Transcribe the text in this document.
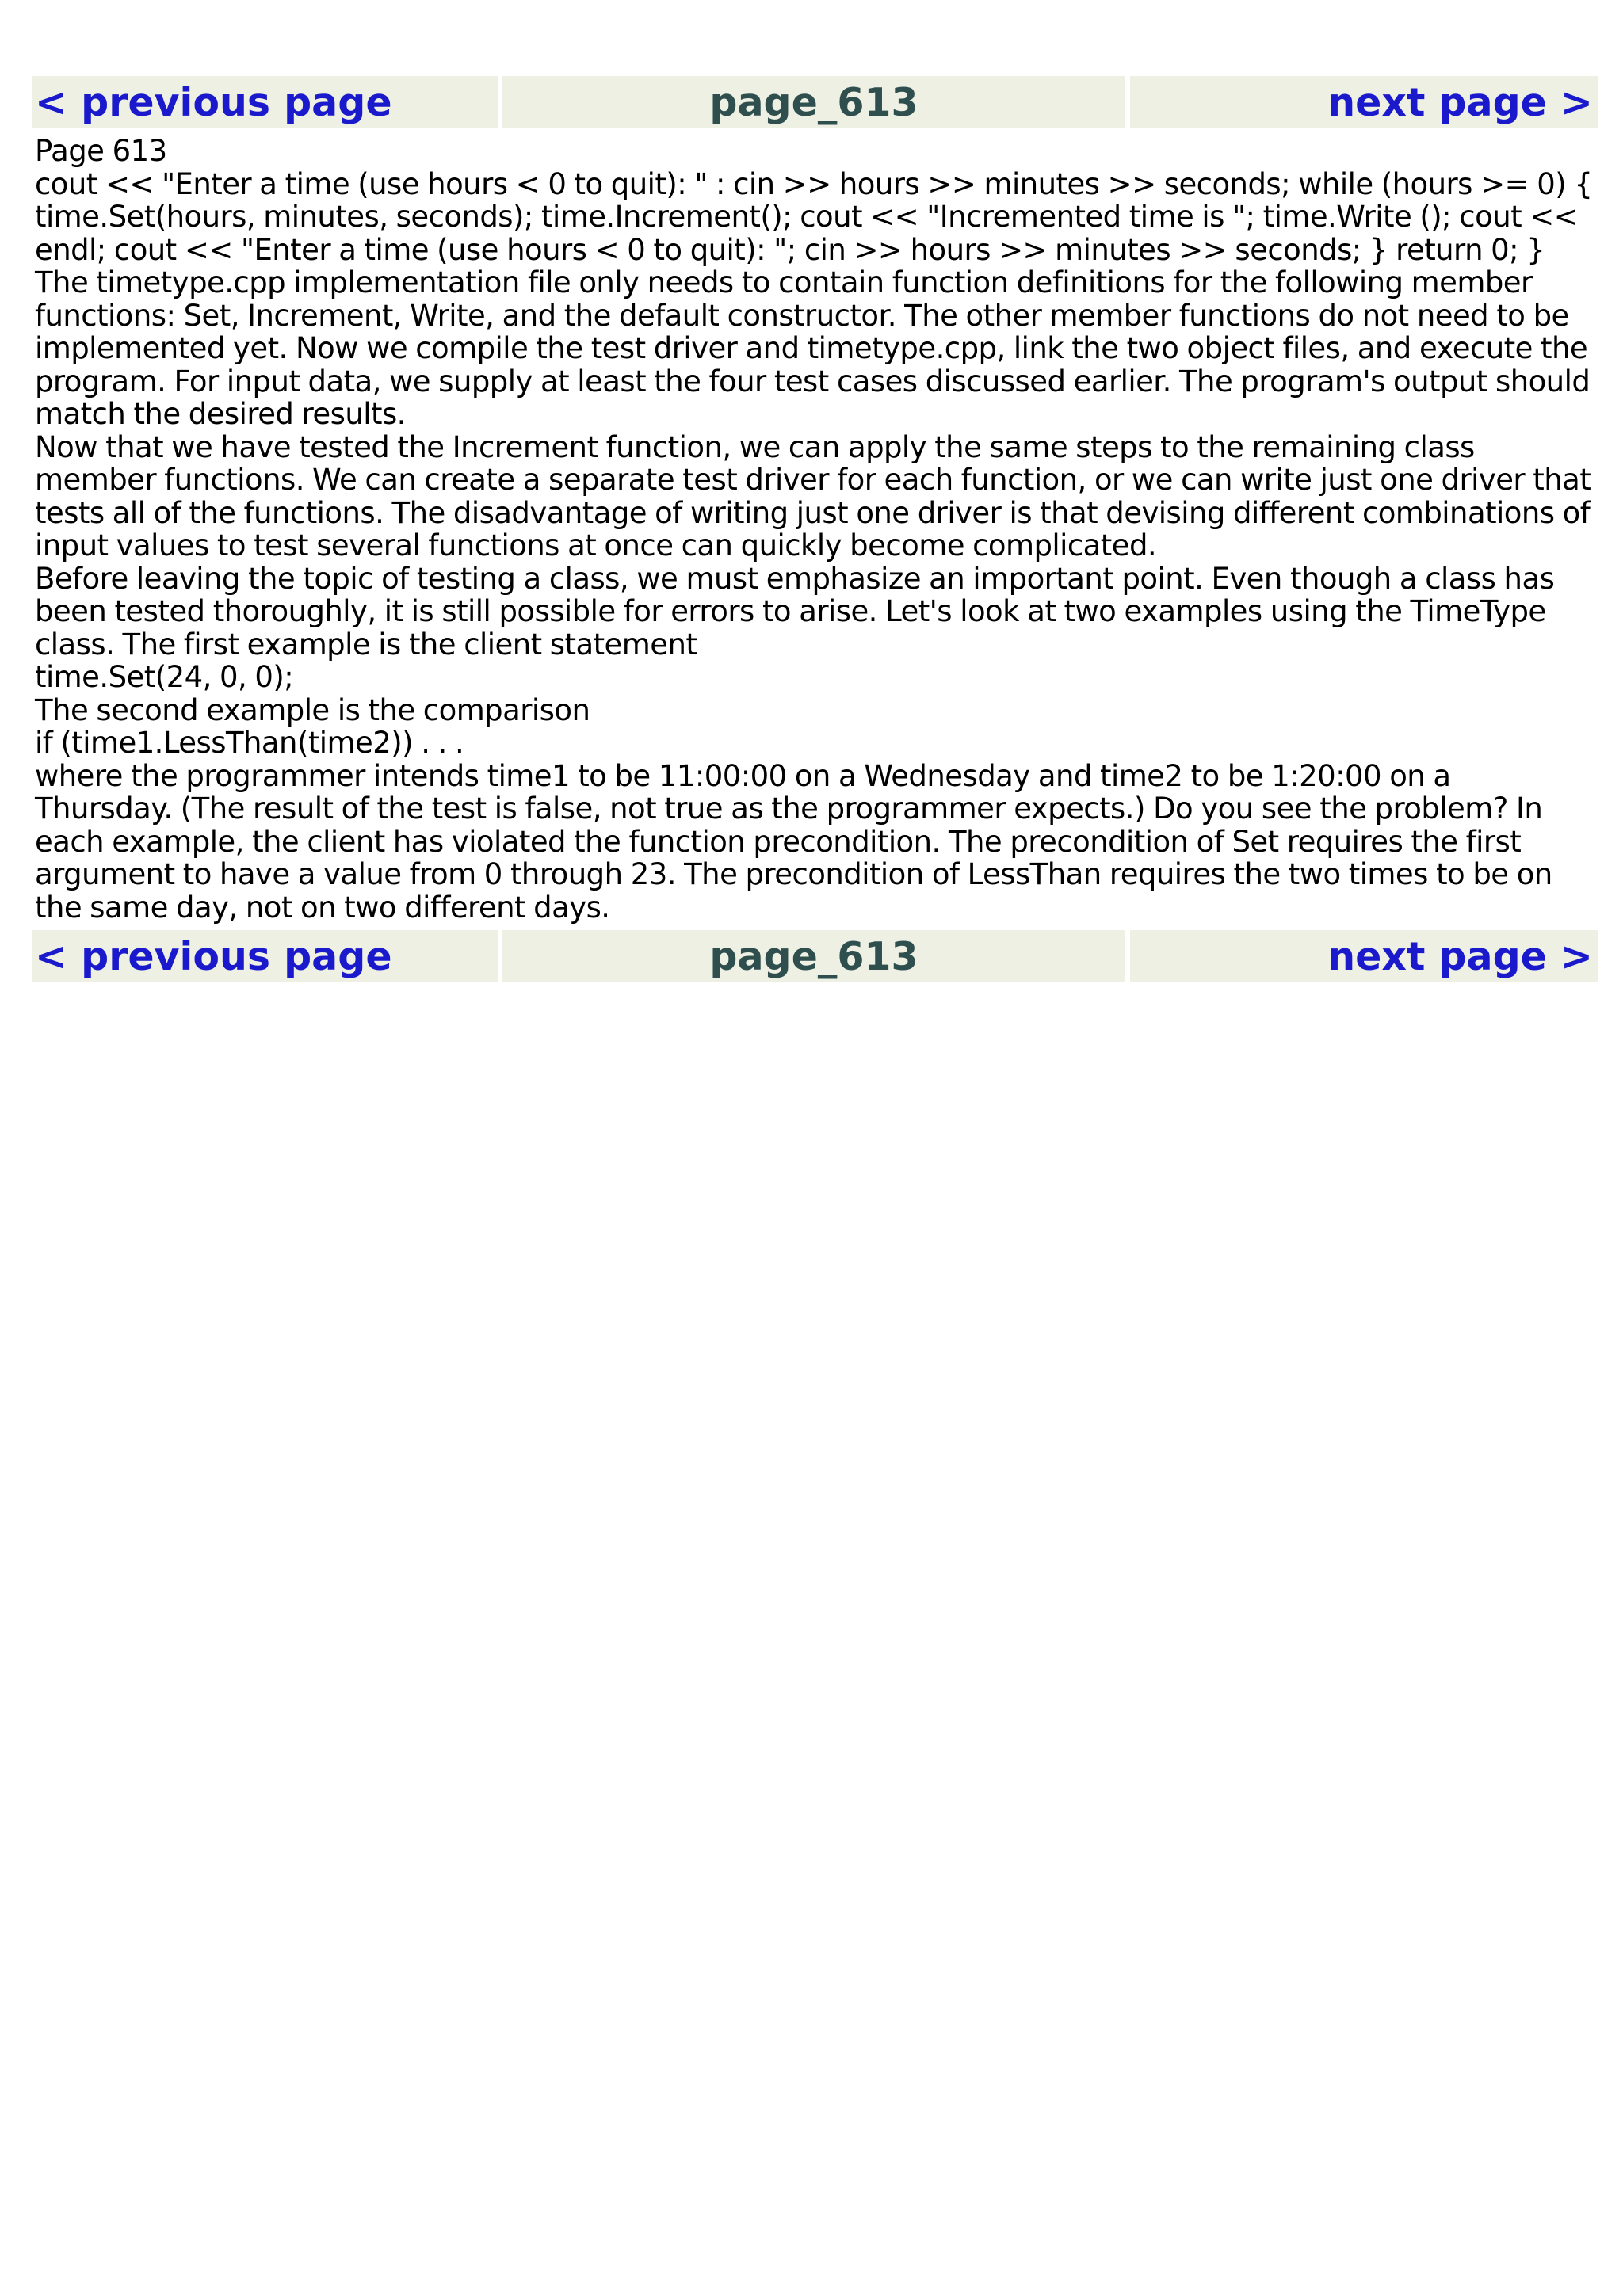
< previous page	page_613	next page >

Page 613

cout << "Enter a time (use hours < 0 to quit): " : cin >> hours >> minutes >> seconds; while (hours >= 0) { time.Set(hours, minutes, seconds); time.Increment(); cout << "Incremented time is "; time.Write (); cout << endl; cout << "Enter a time (use hours < 0 to quit): "; cin >> hours >> minutes >> seconds; } return 0; }

The timetype.cpp implementation file only needs to contain function definitions for the following member functions: Set, Increment, Write, and the default constructor. The other member functions do not need to be implemented yet. Now we compile the test driver and timetype.cpp, link the two object files, and execute the program. For input data, we supply at least the four test cases discussed earlier. The program's output should match the desired results.

Now that we have tested the Increment function, we can apply the same steps to the remaining class member functions. We can create a separate test driver for each function, or we can write just one driver that tests all of the functions. The disadvantage of writing just one driver is that devising different combinations of input values to test several functions at once can quickly become complicated.

Before leaving the topic of testing a class, we must emphasize an important point. Even though a class has been tested thoroughly, it is still possible for errors to arise. Let's look at two examples using the TimeType class. The first example is the client statement

time.Set(24, 0, 0);

The second example is the comparison

if (time1.LessThan(time2)) . . .

where the programmer intends time1 to be 11:00:00 on a Wednesday and time2 to be 1:20:00 on a Thursday. (The result of the test is false, not true as the programmer expects.) Do you see the problem? In each example, the client has violated the function precondition. The precondition of Set requires the first argument to have a value from 0 through 23. The precondition of LessThan requires the two times to be on the same day, not on two different days.

< previous page	page_613	next page >
